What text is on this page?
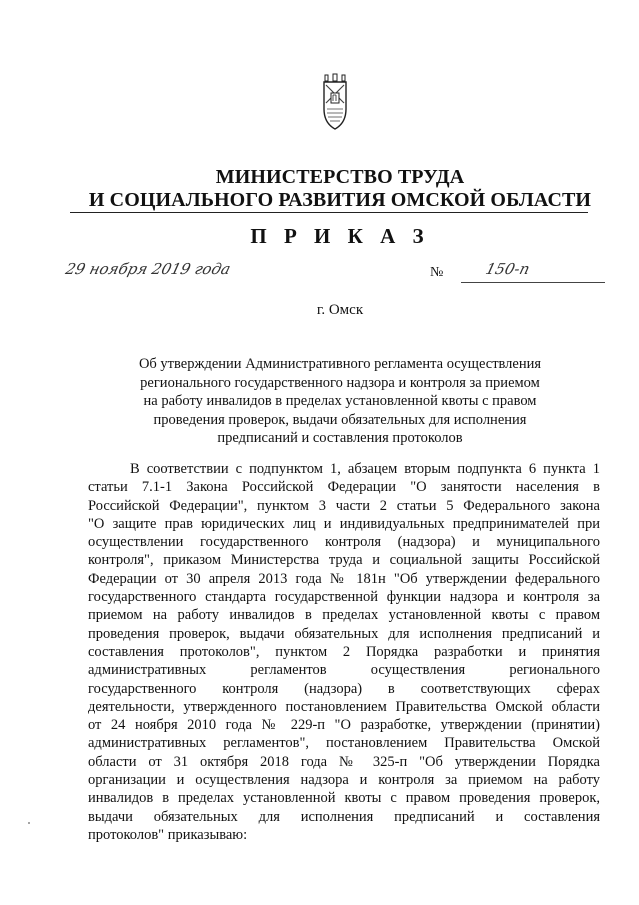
МИНИСТЕРСТВО ТРУДА
И СОЦИАЛЬНОГО РАЗВИТИЯ ОМСКОЙ ОБЛАСТИ
П Р И К А З
29 ноября 2019 года	№	150-п
г. Омск
Об утверждении Административного регламента осуществления
регионального государственного надзора и контроля за приемом
на работу инвалидов в пределах установленной квоты с правом
проведения проверок, выдачи обязательных для исполнения
предписаний и составления протоколов
В соответствии с подпунктом 1, абзацем вторым подпункта 6 пункта 1
статьи 7.1-1 Закона Российской Федерации "О занятости населения в
Российской Федерации", пунктом 3 части 2 статьи 5 Федерального закона
"О защите прав юридических лиц и индивидуальных предпринимателей при
осуществлении государственного контроля (надзора) и муниципального
контроля", приказом Министерства труда и социальной защиты Российской
Федерации от 30 апреля 2013 года № 181н "Об утверждении федерального
государственного стандарта государственной функции надзора и контроля за
приемом на работу инвалидов в пределах установленной квоты с правом
проведения проверок, выдачи обязательных для исполнения предписаний и
составления протоколов", пунктом 2 Порядка разработки и принятия
административных регламентов осуществления регионального
государственного контроля (надзора) в соответствующих сферах
деятельности, утвержденного постановлением Правительства Омской области
от 24 ноября 2010 года № 229-п "О разработке, утверждении (принятии)
административных регламентов", постановлением Правительства Омской
области от 31 октября 2018 года № 325-п "Об утверждении Порядка
организации и осуществления надзора и контроля за приемом на работу
инвалидов в пределах установленной квоты с правом проведения проверок,
выдачи обязательных для исполнения предписаний и составления
протоколов" приказываю:
